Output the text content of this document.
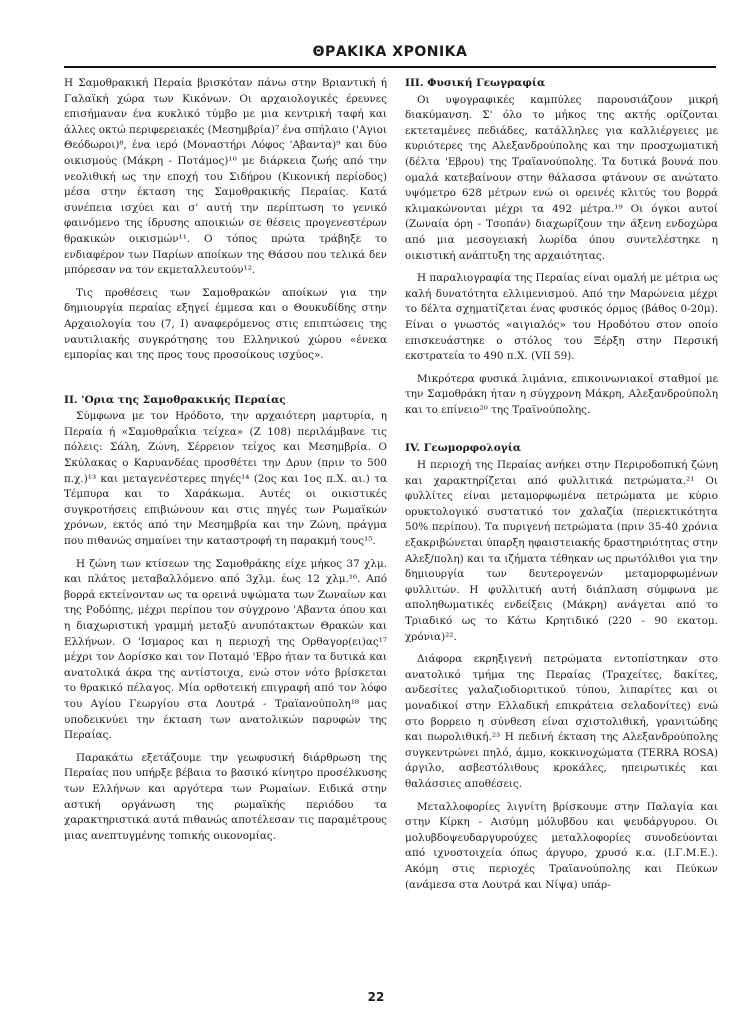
ΘΡΑΚΙΚΑ ΧΡΟΝΙΚΑ

Η Σαμοθρακική Περαία βρισκόταν πάνω στην Βριαντική ή Γαλαϊκή χώρα των Κικόνων. Οι αρχαιολογικές έρευνες επισήμαναν ένα κυκλικό τύμβο με μια κεντρική ταφή και άλλες οκτώ περιφερειακές (Μεσημβρία)⁷ ένα σπήλαιο ('Αγιοι Θεόδωροι)⁸, ένα ιερό (Μοναστήρι Λόφος 'Αβαντα)⁹ και δύο οικισμούς (Μάκρη - Ποτάμος)¹⁰ με διάρκεια ζωής από την νεολιθική ως την εποχή του Σιδήρου (Κικονική περίοδος) μέσα στην έκταση της Σαμοθρακικής Περαίας. Κατά συνέπεια ισχύει και σ' αυτή την περίπτωση το γενικό φαινόμενο της ίδρυσης αποικιών σε θέσεις προγενεστέρων θρακικών οικισμών¹¹. Ο τόπος πρώτα τράβηξε το ενδιαφέρον των Παρίων αποίκων της Θάσου που τελικά δεν μπόρεσαν να τον εκμεταλλευτούν¹².

Τις προθέσεις των Σαμοθρακών αποίκων για την δημιουργία περαίας εξηγεί έμμεσα και ο Θουκυδίδης στην Αρχαιολογία του (7, Ι) αναφερόμενος στις επιπτώσεις της ναυτιλιακής συγκρότησης του Ελληνικού χώρου «ένεκα εμπορίας και της προς τους προσοίκους ισχύος».

ΙΙ. 'Ορια της Σαμοθρακικής Περαίας

Σύμφωνα με τον Ηρόδοτο, την αρχαιότερη μαρτυρία, η Περαία ή «Σαμοθραΐκια τείχεα» (Ζ 108) περιλάμβανε τις πόλεις: Σάλη, Ζώνη, Σέρρειον τείχος και Μεσημβρία. Ο Σκύλακας ο Καρυανδέας προσθέτει την Δρυν (πριν το 500 π.χ.)¹³ και μεταγενέστερες πηγές¹⁴ (2ος και 1ος π.Χ. αι.) τα Τέμπυρα και το Χαράκωμα. Αυτές οι οικιστικές συγκροτήσεις επιβιώνουν και στις πηγές των Ρωμαϊκών χρόνων, εκτός από την Μεσημβρία και την Ζώνη, πράγμα που πιθανώς σημαίνει την καταστροφή τη παρακμή τους¹⁵.

Η ζώνη των κτίσεων της Σαμοθράκης είχε μήκος 37 χλμ. και πλάτος μεταβαλλόμενο από 3χλμ. έως 12 χλμ.¹⁶. Από βορρά εκτείνονταν ως τα ορεινά υψώματα των Ζωναίων και της Ροδόπης, μέχρι περίπου τον σύγχρονο 'Αβαντα όπου και η διαχωριστική γραμμή μεταξύ ανυπότακτων Θρακών και Ελλήνων. Ο 'Ισμαρος και η περιοχή της Ορθαγορ(ει)ας¹⁷ μέχρι τον Δορίσκο και τον Ποταμό 'Εβρο ήταν τα δυτικά και ανατολικά άκρα της αντίστοιχα, ενώ στον νότο βρίσκεται το θρακικό πέλαγος. Μία ορθοτεική επιγραφή από τον λόφο του Αγίου Γεωργίου στα Λουτρά - Τραϊανούπολη¹⁸ μας υποδεικνύει την έκταση των ανατολικών παρυφών της Περαίας.

Παρακάτω εξετάζουμε την γεωφυσική διάρθρωση της Περαίας που υπήρξε βέβαια το βασικό κίνητρο προσέλκυσης των Ελλήνων και αργότερα των Ρωμαίων. Ειδικά στην αστική οργάνωση της ρωμαϊκής περιόδου τα χαρακτηριστικά αυτά πιθανώς αποτέλεσαν τις παραμέτρους μιας ανεπτυγμένης τοπικής οικονομίας.

ΙΙΙ. Φυσική Γεωγραφία

Οι υψογραφικές καμπύλες παρουσιάζουν μικρή διακύμανση. Σ' όλο το μήκος της ακτής ορίζονται εκτεταμένες πεδιάδες, κατάλληλες για καλλιέργειες με κυριότερες της Αλεξανδρούπολης και την προσχωματική (δέλτα 'Εβρου) της Τραϊανούπολης. Τα δυτικά βουνά που ομαλά κατεβαίνουν στην θάλασσα φτάνουν σε ανώτατο υψόμετρο 628 μέτρων ενώ οι ορεινές κλιτύς του βορρά κλιμακώνονται μέχρι τα 492 μέτρα.¹⁹ Οι όγκοι αυτοί (Ζωναία όρη - Τσοπάν) διαχωρίζουν την άξενη ενδοχώρα από μια μεσογειακή λωρίδα όπου συντελέστηκε η οικιστική ανάπτυξη της αρχαιότητας.

Η παραλιογραφία της Περαίας είναι ομαλή με μέτρια ως καλή δυνατότητα ελλιμενισμού. Από την Μαρώνεια μέχρι το δέλτα σχηματίζεται ένας φυσικός όρμος (βάθος 0-20μ). Είναι ο γνωστός «αιγιαλός» του Ηροδότου στον οποίο επισκευάστηκε ο στόλος του Ξέρξη στην Περσική εκστρατεία το 490 π.Χ. (VII 59).

Μικρότερα φυσικά λιμάνια, επικοινωνιακοί σταθμοί με την Σαμοθράκη ήταν η σύγχρονη Μάκρη, Αλεξανδρούπολη και το επίνειο²⁰ της Τραϊνούπολης.

IV. Γεωμορφολογία

Η περιοχή της Περαίας ανήκει στην Περιροδοπική ζώνη και χαρακτηρίζεται από φυλλιτικά πετρώματα.²¹ Οι φυλλίτες είναι μεταμορφωμένα πετρώματα με κύριο ορυκτολογικό συστατικό τον χαλαζία (περιεκτικότητα 50% περίπου). Τα πυριγενή πετρώματα (πριν 35-40 χρόνια εξακριβώνεται ύπαρξη ηφαιστειακής δραστηριότητας στην Αλεξ/πολη) και τα ιζήματα τέθηκαν ως πρωτόλιθοι για την δημιουργία των δευτερογενών μεταμορφωμένων φυλλιτών. Η φυλλιτική αυτή διάπλαση σύμφωνα με αποληθωματικές ενδείξεις (Μάκρη) ανάγεται από το Τριαδικό ως το Κάτω Κρητιδικό (220 - 90 εκατομ. χρόνια)²².

Διάφορα εκρηξιγενή πετρώματα εντοπίστηκαν στο ανατολικό τμήμα της Περαίας (Τραχείτες, δακίτες, ανδεσίτες γαλαζιοδιοριτικού τύπου, λιπαρίτες και οι μοναδικοί στην Ελλαδική επικράτεια σελαδονίτες) ενώ στο βορρειο η σύνθεση είναι σχιστολιθική, γρανιτώδης και πωρολιθική.²³ Η πεδινή έκταση της Αλεξανδρούπολης συγκεντρώνει πηλό, άμμο, κοκκινοχώματα (TERRA ROSA) άργιλο, ασβεστόλιθους κροκάλες, ηπειρωτικές και θαλάσσιες αποθέσεις.

Μεταλλοφορίες λιγνίτη βρίσκουμε στην Παλαγία και στην Κίρκη - Αισύμη μόλυβδου και ψευδάργυρου. Οι μολυβδοψευδαργυρούχες μεταλλοφορίες συνοδεύονται από ιχνοστοιχεία όπως άργυρο, χρυσό κ.α. (Ι.Γ.Μ.Ε.). Ακόμη στις περιοχές Τραϊανούπολης και Πεύκων (ανάμεσα στα Λουτρά και Νίψα) υπάρ-

22
